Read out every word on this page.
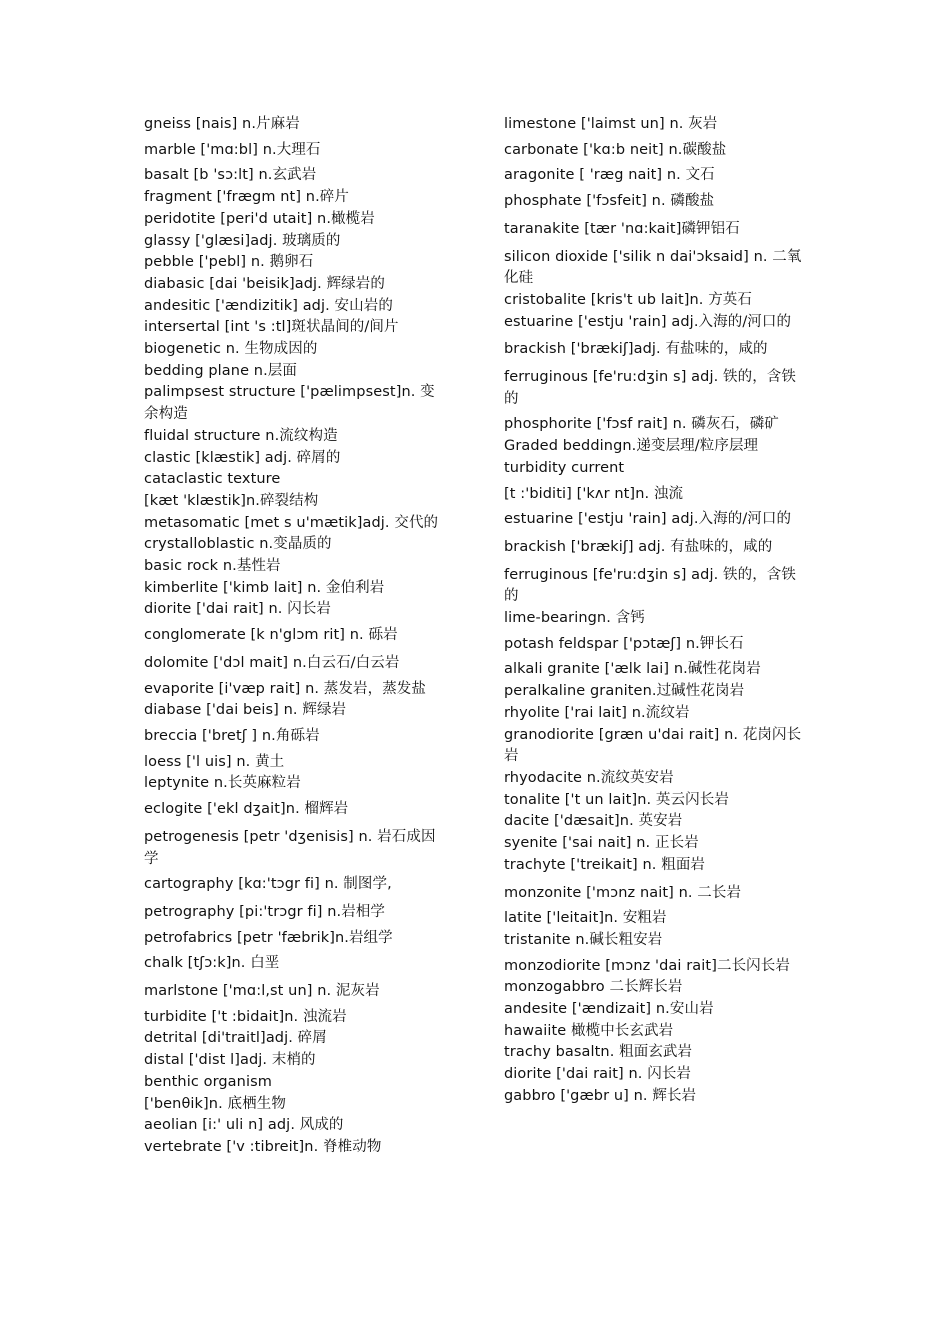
gneiss [nais] n.片麻岩
marble ['mɑ:bl] n.大理石
basalt [b 'sɔ:lt] n.玄武岩
fragment ['frægm nt] n.碎片
peridotite [peri'd utait] n.橄榄岩
glassy ['glæsi]adj. 玻璃质的
pebble ['pebl] n. 鹅卵石
diabasic [dai 'beisik]adj. 辉绿岩的
andesitic ['ændizitik] adj. 安山岩的
intersertal [int 's :tl]斑状晶间的/间片
biogenetic n. 生物成因的
bedding plane n.层面
palimpsest structure ['pælimpsest]n. 变余构造
fluidal structure n.流纹构造
clastic [klæstik] adj. 碎屑的
cataclastic texture
[kæt 'klæstik]n.碎裂结构
metasomatic [met s u'mætik]adj. 交代的
crystalloblastic n.变晶质的
basic rock n.基性岩
kimberlite ['kimb lait] n. 金伯利岩
diorite ['dai rait] n. 闪长岩
conglomerate [k n'glɔm rit] n. 砾岩
dolomite ['dɔl mait] n.白云石/白云岩
evaporite [i'væp rait] n. 蒸发岩，蒸发盐
diabase ['dai beis] n. 辉绿岩
breccia ['bretʃ ] n.角砾岩
loess ['l uis] n. 黄土
leptynite n.长英麻粒岩
eclogite ['ekl dʒait]n. 榴辉岩
petrogenesis [petr 'dʒenisis] n. 岩石成因学
cartography [kɑ:'tɔgr fi] n. 制图学,
petrography [pi:'trɔgr fi] n.岩相学
petrofabrics [petr 'fæbrik]n.岩组学
chalk [tʃɔ:k]n. 白垩
marlstone ['mɑ:l,st un] n. 泥灰岩
turbidite ['t :bidait]n. 浊流岩
detrital [di'traitl]adj. 碎屑
distal ['dist l]adj. 末梢的
benthic organism
['benθik]n. 底栖生物
aeolian [i:' uli n] adj. 风成的
vertebrate ['v :tibreit]n. 脊椎动物
limestone ['laimst un] n. 灰岩
carbonate ['kɑ:b neit] n.碳酸盐
aragonite [ 'ræg nait] n. 文石
phosphate ['fɔsfeit] n. 磷酸盐
taranakite [tær 'nɑ:kait]磷钾铝石
silicon dioxide ['silik n dai'ɔksaid] n. 二氧化硅
cristobalite [kris't ub lait]n. 方英石
estuarine ['estju 'rain] adj.入海的/河口的
brackish ['brækiʃ]adj. 有盐味的，咸的
ferruginous [fe'ru:dʒin s] adj. 铁的，含铁的
phosphorite ['fɔsf rait] n. 磷灰石，磷矿
Graded beddingn.递变层理/粒序层理
turbidity current
[t :'biditi] ['kʌr nt]n. 浊流
estuarine ['estju 'rain] adj.入海的/河口的
brackish ['brækiʃ] adj. 有盐味的，咸的
ferruginous [fe'ru:dʒin s] adj. 铁的，含铁的
lime-bearingn. 含钙
potash feldspar ['pɔtæʃ] n.钾长石
alkali granite ['ælk lai] n.碱性花岗岩
peralkaline graniten.过碱性花岗岩
rhyolite ['rai lait] n.流纹岩
granodiorite [græn u'dai rait] n. 花岗闪长岩
rhyodacite n.流纹英安岩
tonalite ['t un lait]n. 英云闪长岩
dacite ['dæsait]n. 英安岩
syenite ['sai nait] n. 正长岩
trachyte ['treikait] n. 粗面岩
monzonite ['mɔnz nait] n. 二长岩
latite ['leitait]n. 安粗岩
tristanite n.碱长粗安岩
monzodiorite [mɔnz 'dai rait]二长闪长岩
monzogabbro 二长辉长岩
andesite ['ændizait] n.安山岩
hawaiite 橄榄中长玄武岩
trachy basaltn. 粗面玄武岩
diorite ['dai rait] n. 闪长岩
gabbro ['gæbr u] n. 辉长岩
